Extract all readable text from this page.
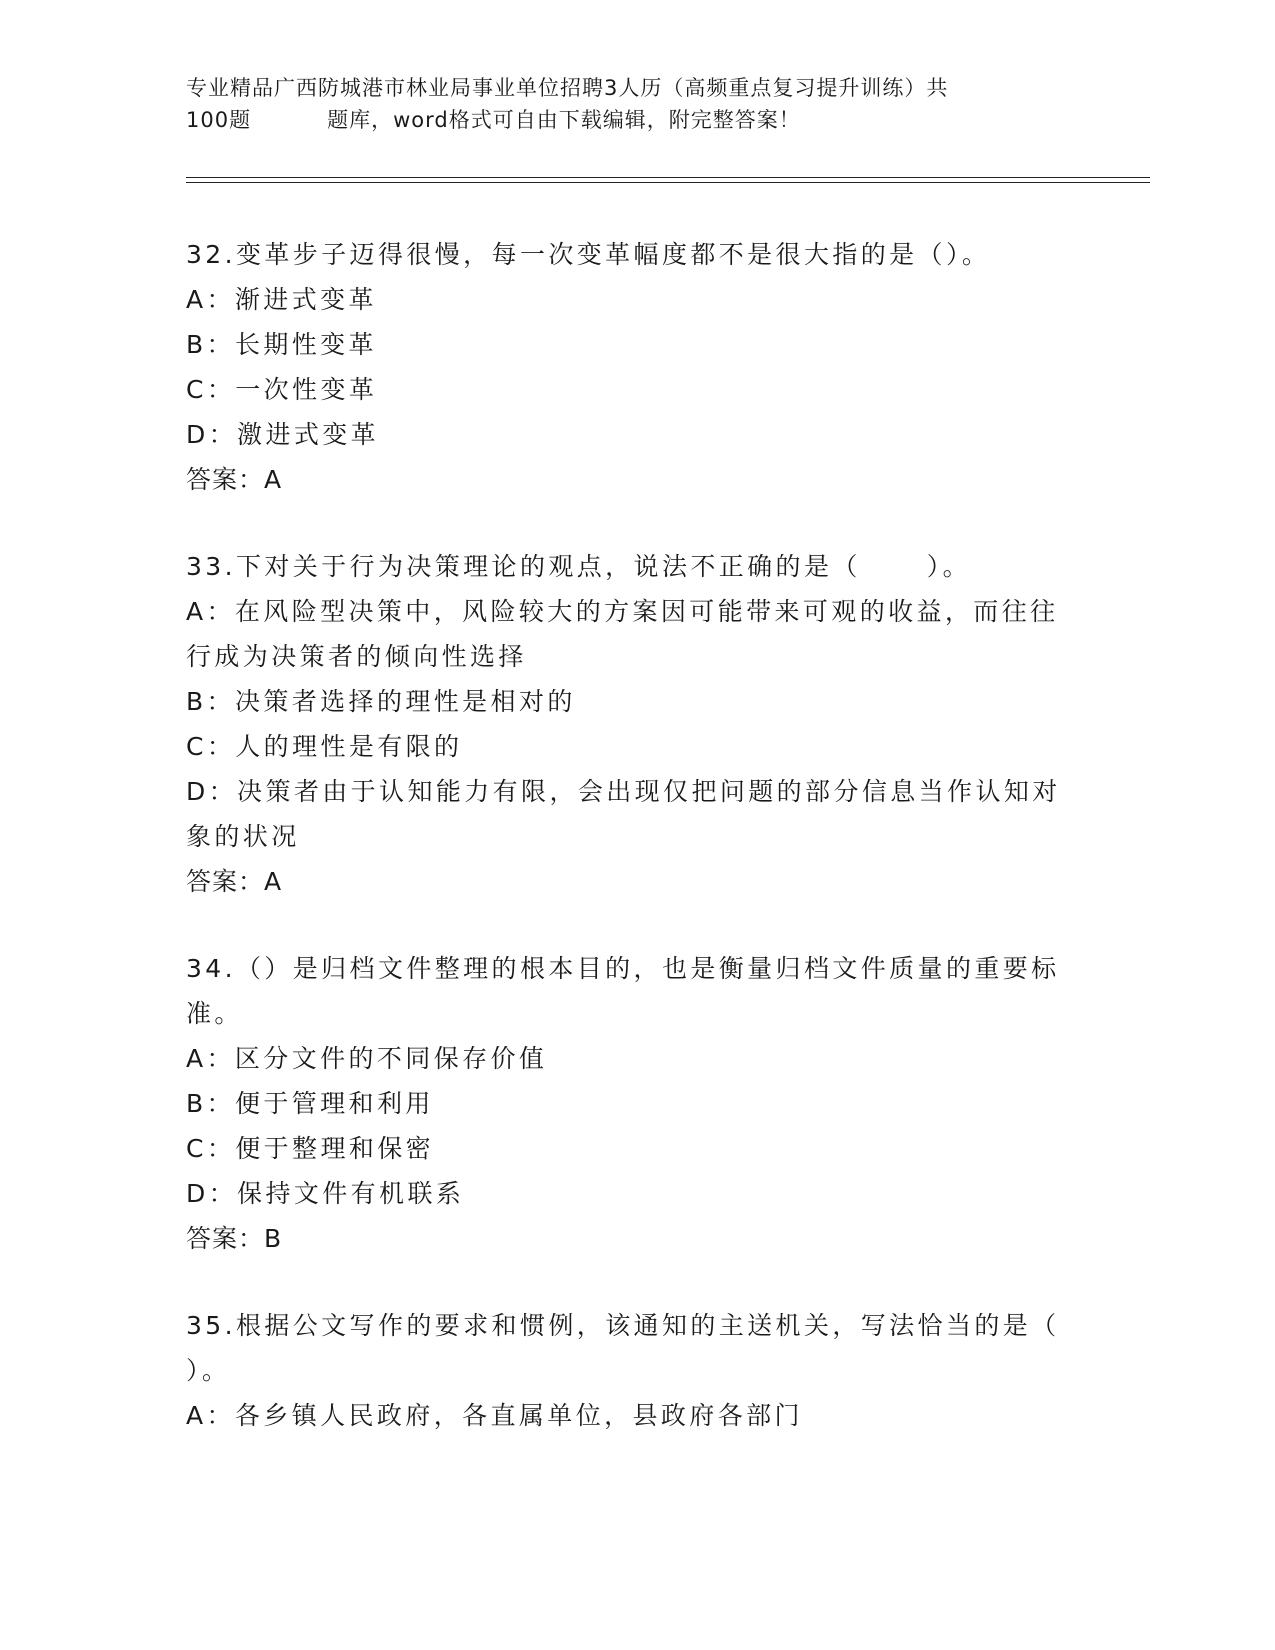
专业精品广西防城港市林业局事业单位招聘3人历（高频重点复习提升训练）共
100题	题库，word格式可自由下载编辑，附完整答案！

32.变革步子迈得很慢，每一次变革幅度都不是很大指的是（）。

A：渐进式变革

B：长期性变革

C：一次性变革

D：激进式变革

答案：A

33.下对关于行为决策理论的观点，说法不正确的是（	）。

A：在风险型决策中，风险较大的方案因可能带来可观的收益，而往往

行成为决策者的倾向性选择

B：决策者选择的理性是相对的

C：人的理性是有限的

D：决策者由于认知能力有限，会出现仅把问题的部分信息当作认知对

象的状况

答案：A

34.（）是归档文件整理的根本目的，也是衡量归档文件质量的重要标

准。

A：区分文件的不同保存价值

B：便于管理和利用

C：便于整理和保密

D：保持文件有机联系

答案：B

35.根据公文写作的要求和惯例，该通知的主送机关，写法恰当的是（

）。

A：各乡镇人民政府，各直属单位，县政府各部门
